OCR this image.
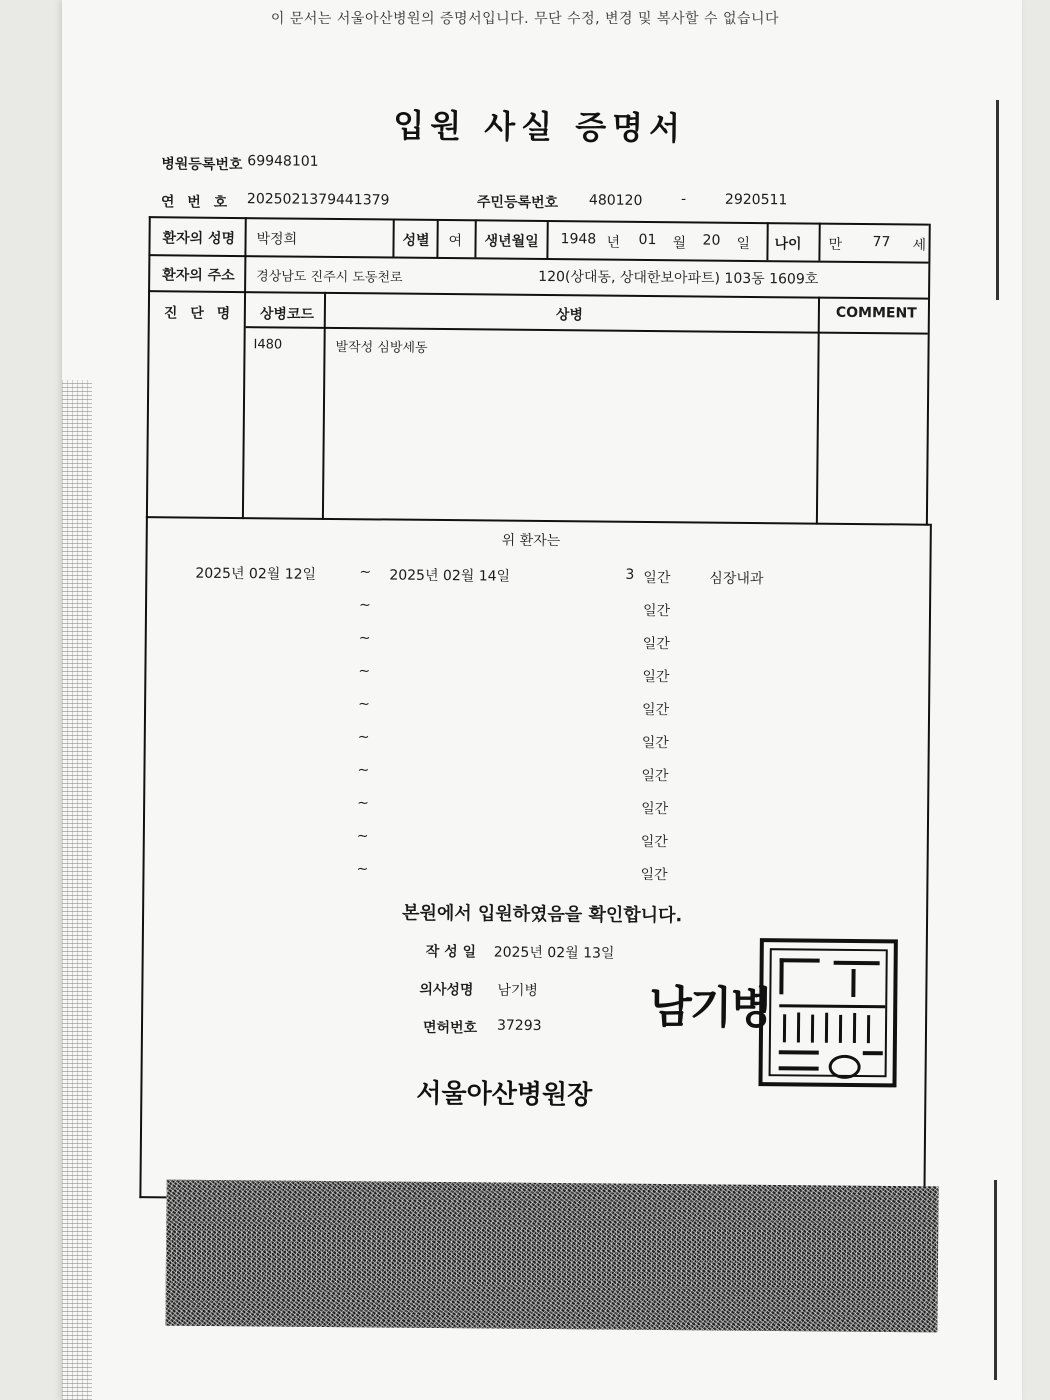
이 문서는 서울아산병원의 증명서입니다. 무단 수정, 변경 및 복사할 수 없습니다
입원 사실 증명서
병원등록번호 69948101
연 번 호 2025021379441379	주민등록번호 480120	-	2920511
환자의 성명 박정희	성별 여 생년월일 1948 년 01 월 20 일 나이 만 77 세
환자의 주소 경상남도 진주시 도동천로	120(상대동, 상대한보아파트) 103동 1609호
진 단 명 상병코드	상병	COMMENT
I480	발작성 심방세동
위 환자는
2025년 02월 12일	~ 2025년 02월 14일	3 일간	심장내과
~	일간
~	일간
~	일간
~	일간
~	일간
~	일간
~	일간
~	일간
~	일간
본원에서 입원하였음을 확인합니다.
작 성 일 2025년 02월 13일
의사성명 남기병
면허번호 37293 남기병
서울아산병원장
